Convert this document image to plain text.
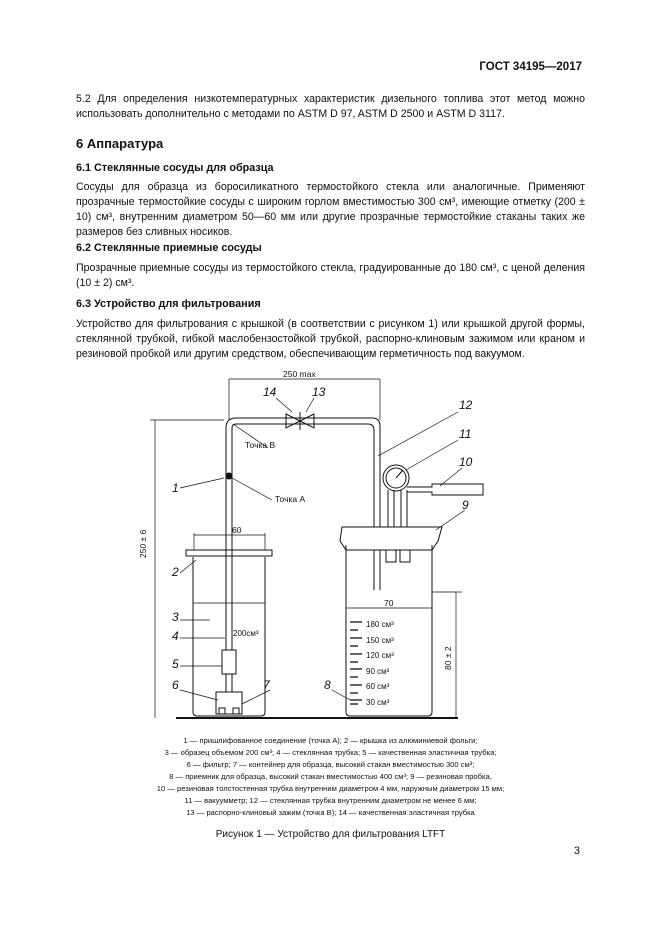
ГОСТ 34195—2017
5.2 Для определения низкотемпературных характеристик дизельного топлива этот метод можно использовать дополнительно с методами по ASTM D 97, ASTM D 2500 и ASTM D 3117.
6 Аппаратура
6.1 Стеклянные сосуды для образца
Сосуды для образца из боросиликатного термостойкого стекла или аналогичные. Применяют прозрачные термостойкие сосуды с широким горлом вместимостью 300 см³, имеющие отметку (200 ± 10) см³, внутренним диаметром 50—60 мм или другие прозрачные термостойкие стаканы таких же размеров без сливных носиков.
6.2 Стеклянные приемные сосуды
Прозрачные приемные сосуды из термостойкого стекла, градуированные до 180 см³, с ценой деления (10 ± 2) см³.
6.3 Устройство для фильтрования
Устройство для фильтрования с крышкой (в соответствии с рисунком 1) или крышкой другой формы, стеклянной трубкой, гибкой маслобензостойкой трубкой, распорно-клиновым зажимом или краном и резиновой пробкой или другим средством, обеспечивающим герметичность под вакуумом.
250 max
250 ± 6	60
70
80 ± 2
Точка В
Точка А
200см³
180 см³
150 см³
120 см³
90 см³
60 см³
30 см³
1
2
3
4
5
6	7	8
9
10
11
12
13
14
1 — пришлифованное соединение (точка А); 2 — крышка из алюминиевой фольги;
3 — образец объемом 200 см³; 4 — стеклянная трубка; 5 — качественная эластичная трубка;
6 — фильтр; 7 — контейнер для образца, высокий стакан вместимостью 300 см³;
8 — приемник для образца, высокий стакан вместимостью 400 см³; 9 — резиновая пробка,
10 — резиновая толстостенная трубка внутренним диаметром 4 мм, наружным диаметром 15 мм;
11 — вакуумметр; 12 — стеклянная трубка внутренним диаметром не менее 6 мм;
13 — распорно-клиновый зажим (точка В); 14 — качественная эластичная трубка
Рисунок 1 — Устройство для фильтрования LTFT
3
